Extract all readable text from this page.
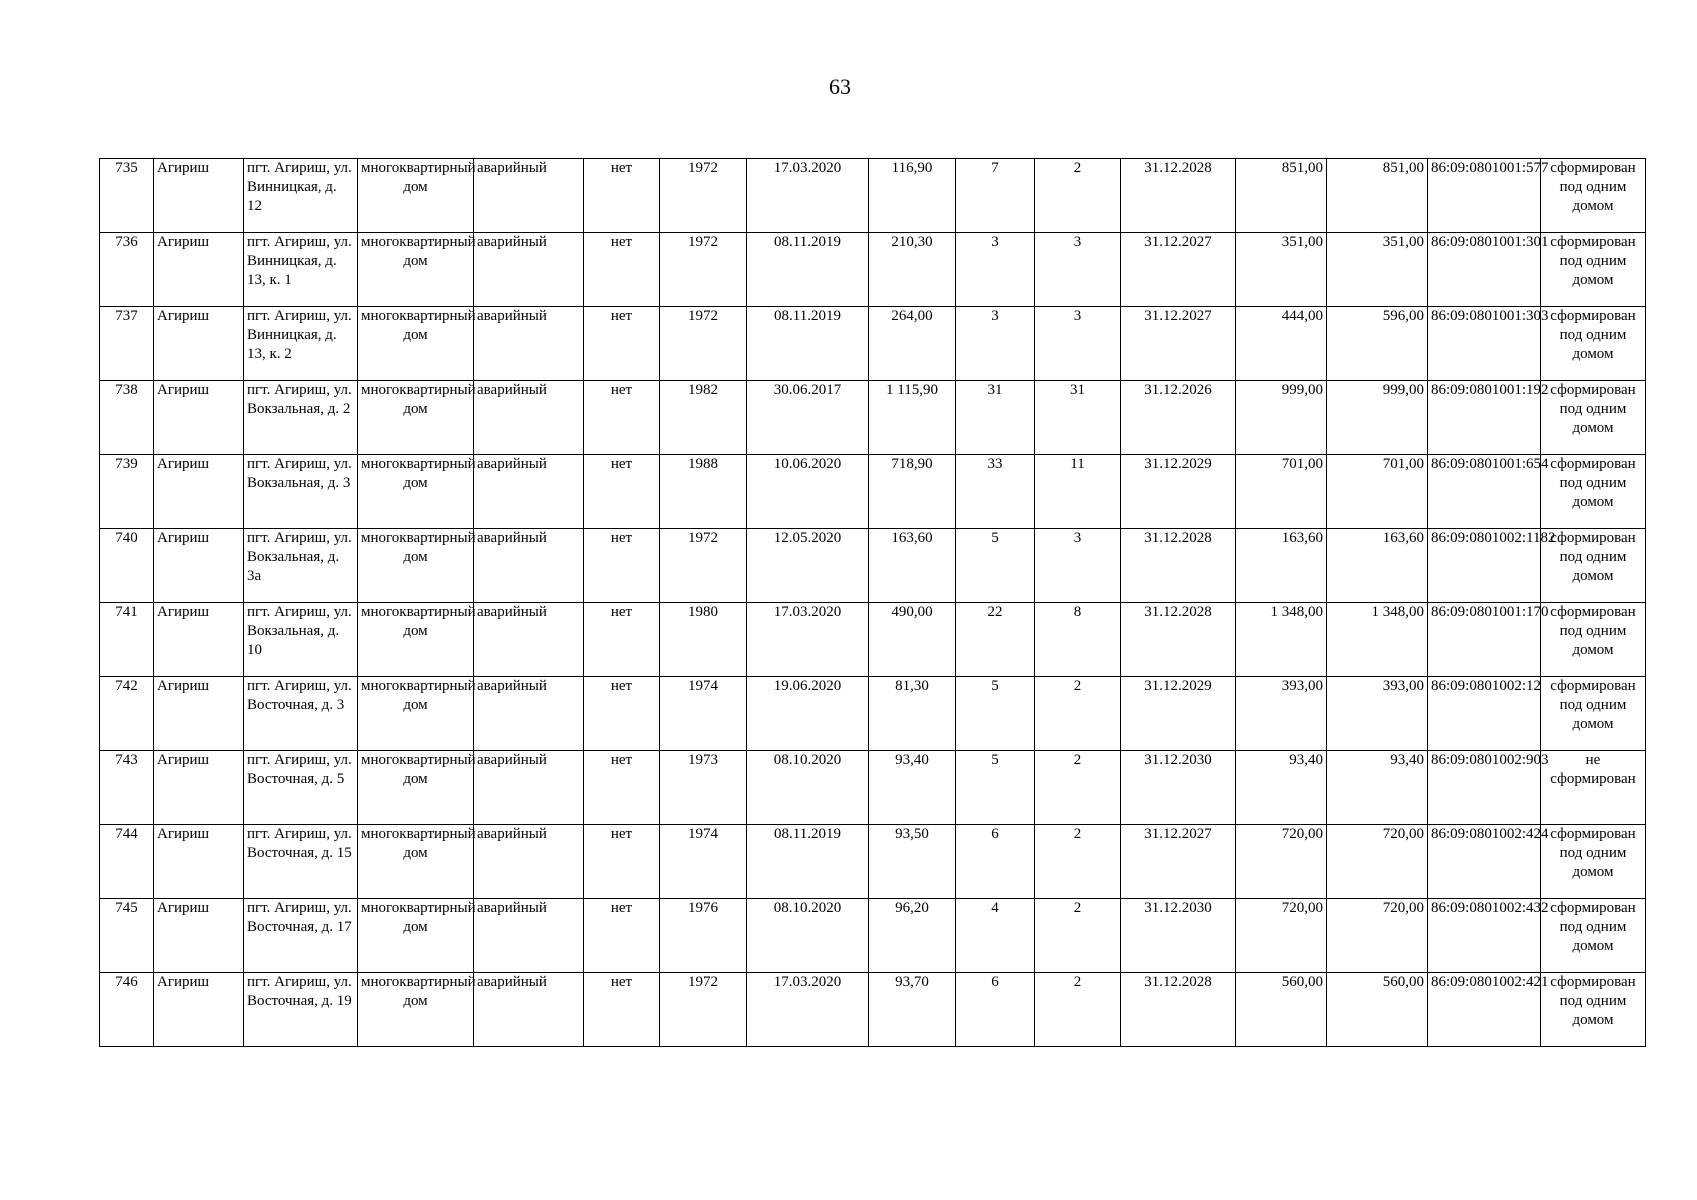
63
735	Агириш	пгт. Агириш, ул. Винницкая, д. 12	многоквартирный дом	аварийный	нет	1972	17.03.2020	116,90	7	2	31.12.2028	851,00	851,00	86:09:0801001:577	сформирован под одним домом
736	Агириш	пгт. Агириш, ул. Винницкая, д. 13, к. 1	многоквартирный дом	аварийный	нет	1972	08.11.2019	210,30	3	3	31.12.2027	351,00	351,00	86:09:0801001:301	сформирован под одним домом
737	Агириш	пгт. Агириш, ул. Винницкая, д. 13, к. 2	многоквартирный дом	аварийный	нет	1972	08.11.2019	264,00	3	3	31.12.2027	444,00	596,00	86:09:0801001:303	сформирован под одним домом
738	Агириш	пгт. Агириш, ул. Вокзальная, д. 2	многоквартирный дом	аварийный	нет	1982	30.06.2017	1 115,90	31	31	31.12.2026	999,00	999,00	86:09:0801001:192	сформирован под одним домом
739	Агириш	пгт. Агириш, ул. Вокзальная, д. 3	многоквартирный дом	аварийный	нет	1988	10.06.2020	718,90	33	11	31.12.2029	701,00	701,00	86:09:0801001:654	сформирован под одним домом
740	Агириш	пгт. Агириш, ул. Вокзальная, д. 3а	многоквартирный дом	аварийный	нет	1972	12.05.2020	163,60	5	3	31.12.2028	163,60	163,60	86:09:0801002:1182	сформирован под одним домом
741	Агириш	пгт. Агириш, ул. Вокзальная, д. 10	многоквартирный дом	аварийный	нет	1980	17.03.2020	490,00	22	8	31.12.2028	1 348,00	1 348,00	86:09:0801001:170	сформирован под одним домом
742	Агириш	пгт. Агириш, ул. Восточная, д. 3	многоквартирный дом	аварийный	нет	1974	19.06.2020	81,30	5	2	31.12.2029	393,00	393,00	86:09:0801002:12	сформирован под одним домом
743	Агириш	пгт. Агириш, ул. Восточная, д. 5	многоквартирный дом	аварийный	нет	1973	08.10.2020	93,40	5	2	31.12.2030	93,40	93,40	86:09:0801002:903	не сформирован
744	Агириш	пгт. Агириш, ул. Восточная, д. 15	многоквартирный дом	аварийный	нет	1974	08.11.2019	93,50	6	2	31.12.2027	720,00	720,00	86:09:0801002:424	сформирован под одним домом
745	Агириш	пгт. Агириш, ул. Восточная, д. 17	многоквартирный дом	аварийный	нет	1976	08.10.2020	96,20	4	2	31.12.2030	720,00	720,00	86:09:0801002:432	сформирован под одним домом
746	Агириш	пгт. Агириш, ул. Восточная, д. 19	многоквартирный дом	аварийный	нет	1972	17.03.2020	93,70	6	2	31.12.2028	560,00	560,00	86:09:0801002:421	сформирован под одним домом
